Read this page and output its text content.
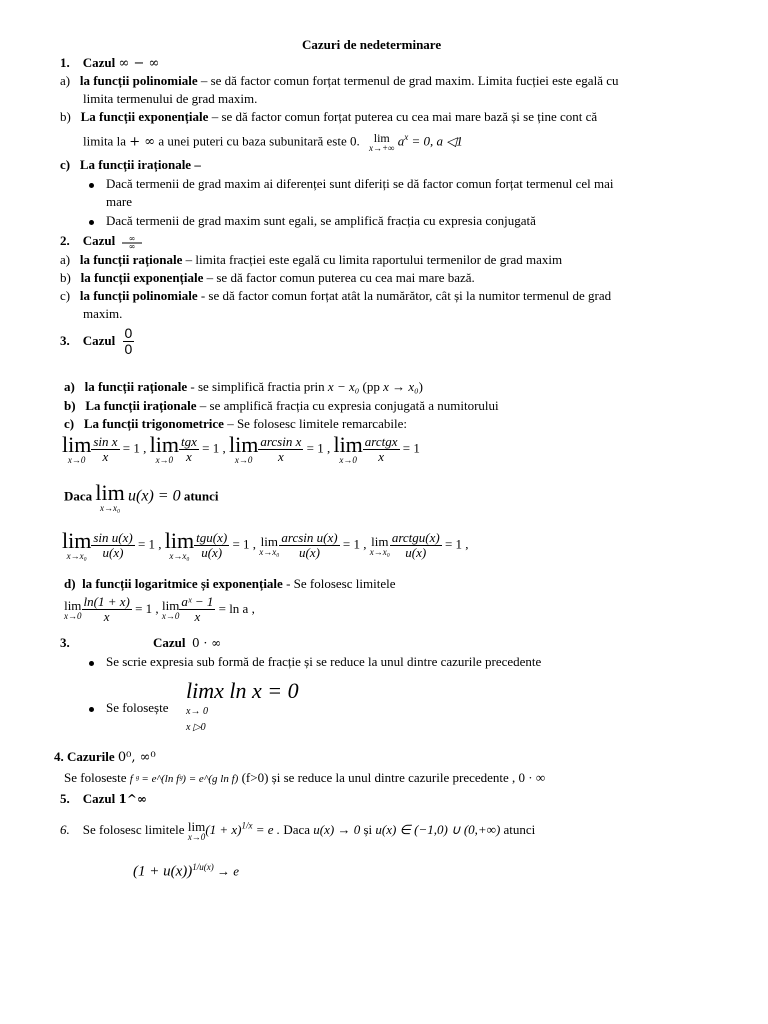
Cazuri de nedeterminare
1. Cazul ∞ − ∞
a) la funcții polinomiale – se dă factor comun forțat termenul de grad maxim. Limita fucției este egală cu
limita termenului de grad maxim.
b) La funcții exponențiale – se dă factor comun forțat puterea cu cea mai mare bază și se ține cont că
limita la + ∞ a unei puteri cu baza subunitară este 0.	lim
x→+∞ $a^x = 0$, a ◁1
c) La funcții iraționale –
Dacă termenii de grad maxim ai diferenței sunt diferiți se dă factor comun forțat termenul cel mai
mare
Dacă termenii de grad maxim sunt egali, se amplifică fracția cu expresia conjugată
2. Cazul ∞
∞
a) la funcții raționale – limita fracției este egală cu limita raportului termenilor de grad maxim
b) la funcții exponențiale – se dă factor comun puterea cu cea mai mare bază.
c) la funcții polinomiale - se dă factor comun forțat atât la numărător, cât și la numitor termenul de grad
maxim.
3. Cazul $\frac{0}{0}$
a) la funcții raționale - se simplifică fractia prin x − x₀ (pp x → x₀)
b) La funcții iraționale – se amplifică fracția cu expresia conjugată a numitorului
c) La funcții trigonometrice – Se folosesc limitele remarcabile:
lim
$x\to 0 \frac{\text{sin x}}{x} = 1$ , lim
$x\to 0 \frac{\text{tgx}}{x} = 1$ , lim
$x\to 0 \frac{\text{arcsin x}}{x} = 1$ , lim
$x\to 0 \frac{\text{arctgx}}{x} = 1$
Daca lim
x→x₀
u(x) = 0 atunci
lim
$x\to x_0 \frac{\text{sin u(x)}}{u(x)} = 1$ , lim
$x\to x_0 \frac{\text{tgu(x)}}{u(x)} = 1$ , lim
$x\to x_0 \frac{\text{arcsin u(x)}}{u(x)} = 1$ , lim
$x\to x_0 \frac{\text{arctgu(x)}}{u(x)} = 1$ ,
d) la funcții logaritmice și exponențiale - Se folosesc limitele
lim
$x\to 0 \frac{\ln(1 + x)}{x} = 1$ , lim
$x\to 0 \frac{\text{aˣ − 1}}{x} = \ln a$ ,
3.	Cazul 0 · ∞
Se scrie expresia sub formă de fracție și se reduce la unul dintre cazurile precedente
Se folosește
limx ln x = 0
x→ 0
x ▷0
4. Cazurile 0⁰, ∞⁰
Se foloseste f ᵍ = e^(ln fᵍ) = e^(g ln f) (f>0) și se reduce la unul dintre cazurile precedente , 0 · ∞
5. Cazul 1^∞
6. Se folosesc limitele lim
x→0
$(1 + x)^{1/x} = e$ . Daca u(x) → 0 și u(x) ∈ (−1,0) ∪ (0,+∞) atunci
$(1 + u(x))^{1/u(x)} \to e$
